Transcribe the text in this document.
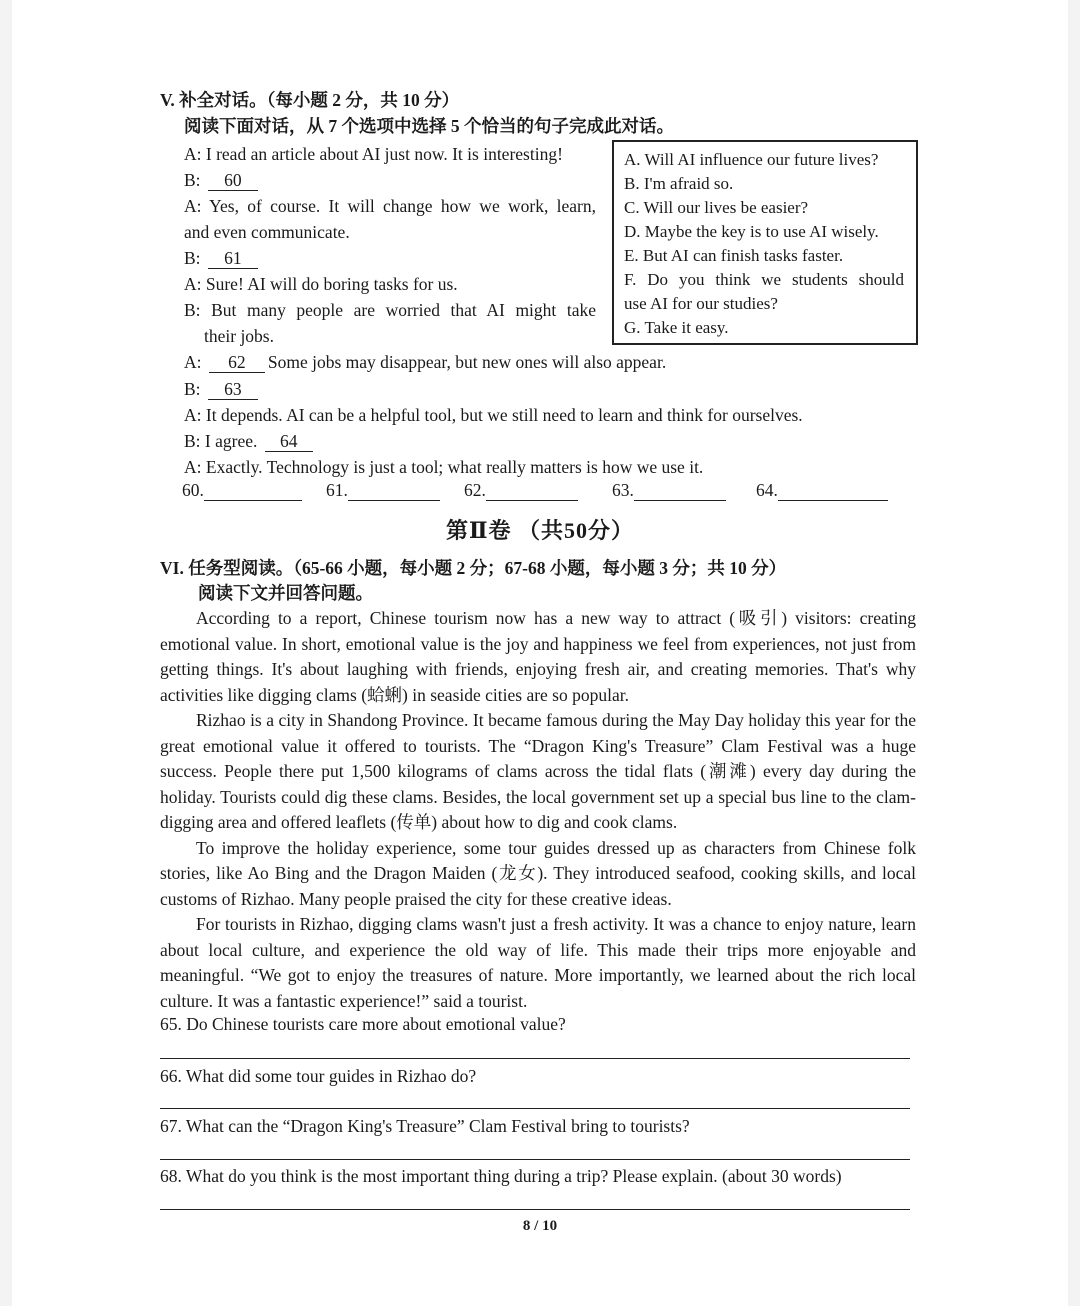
V. 补全对话。（每小题 2 分，共 10 分）
阅读下面对话，从 7 个选项中选择 5 个恰当的句子完成此对话。
A: I read an article about AI just now. It is interesting!
B: 60
A: Yes, of course. It will change how we work, learn,
and even communicate.
B: 61
A: Sure! AI will do boring tasks for us.
B: But many people are worried that AI might take
their jobs.
A: 62 Some jobs may disappear, but new ones will also appear.
B: 63
A: It depends. AI can be a helpful tool, but we still need to learn and think for ourselves.
B: I agree. 64
A: Exactly. Technology is just a tool; what really matters is how we use it.
A. Will AI influence our future lives?
B. I'm afraid so.
C. Will our lives be easier?
D. Maybe the key is to use AI wisely.
E. But AI can finish tasks faster.
F. Do you think we students should
use AI for our studies?
G. Take it easy.
60.	61.	62.	63.	64.
第Ⅱ卷 （共50分）
VI. 任务型阅读。（65-66 小题，每小题 2 分；67-68 小题，每小题 3 分；共 10 分）
阅读下文并回答问题。

According to a report, Chinese tourism now has a new way to attract (吸引) visitors: creating emotional value. In short, emotional value is the joy and happiness we feel from experiences, not just from getting things. It's about laughing with friends, enjoying fresh air, and creating memories. That's why activities like digging clams (蛤蜊) in seaside cities are so popular.

Rizhao is a city in Shandong Province. It became famous during the May Day holiday this year for the great emotional value it offered to tourists. The “Dragon King's Treasure” Clam Festival was a huge success. People there put 1,500 kilograms of clams across the tidal flats (潮滩) every day during the holiday. Tourists could dig these clams. Besides, the local government set up a special bus line to the clam-digging area and offered leaflets (传单) about how to dig and cook clams.

To improve the holiday experience, some tour guides dressed up as characters from Chinese folk stories, like Ao Bing and the Dragon Maiden (龙女). They introduced seafood, cooking skills, and local customs of Rizhao. Many people praised the city for these creative ideas.

For tourists in Rizhao, digging clams wasn't just a fresh activity. It was a chance to enjoy nature, learn about local culture, and experience the old way of life. This made their trips more enjoyable and meaningful. “We got to enjoy the treasures of nature. More importantly, we learned about the rich local culture. It was a fantastic experience!” said a tourist.

65. Do Chinese tourists care more about emotional value?
66. What did some tour guides in Rizhao do?
67. What can the “Dragon King's Treasure” Clam Festival bring to tourists?
68. What do you think is the most important thing during a trip? Please explain. (about 30 words)
8 / 10
